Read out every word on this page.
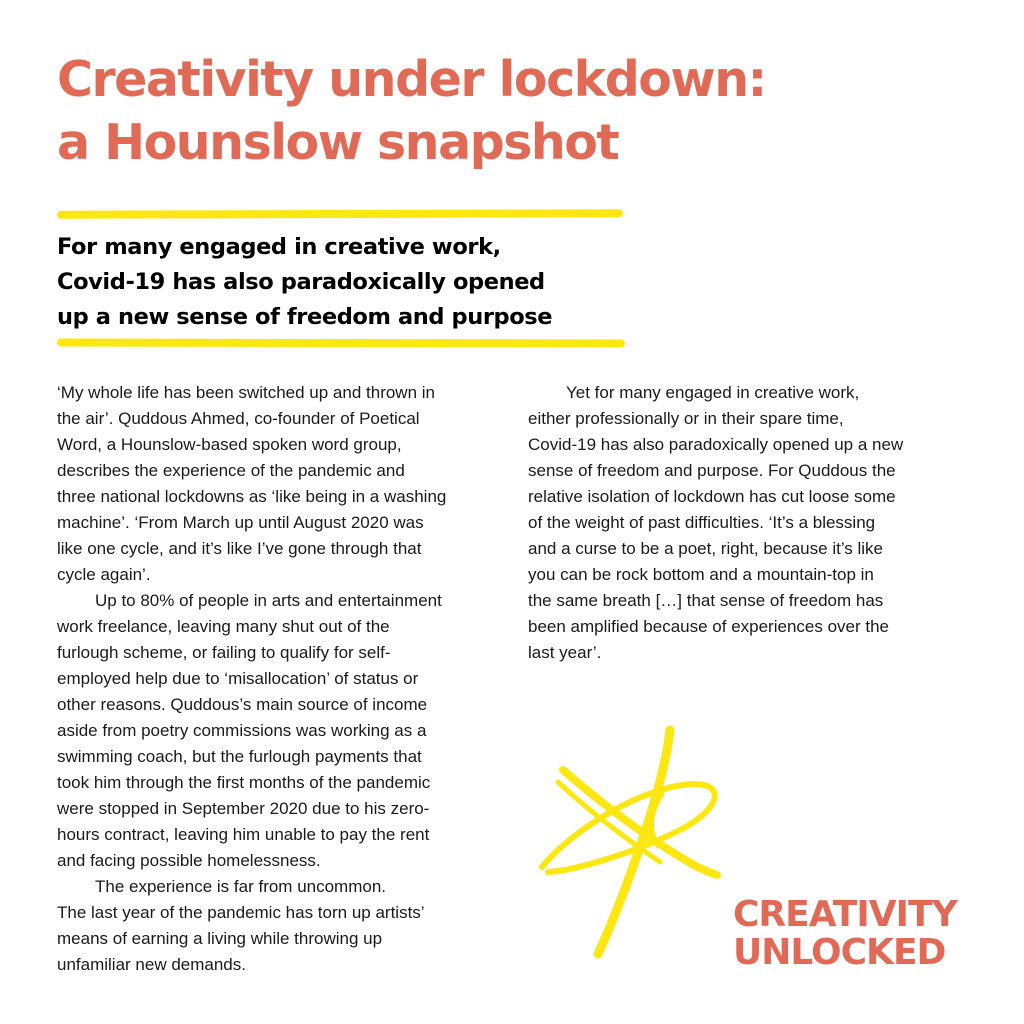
Creativity under lockdown:
a Hounslow snapshot
For many engaged in creative work,
Covid-19 has also paradoxically opened
up a new sense of freedom and purpose
‘My whole life has been switched up and thrown in
the air’. Quddous Ahmed, co-founder of Poetical
Word, a Hounslow-based spoken word group,
describes the experience of the pandemic and
three national lockdowns as ‘like being in a washing
machine’. ‘From March up until August 2020 was
like one cycle, and it’s like I’ve gone through that
cycle again’.
Up to 80% of people in arts and entertainment
work freelance, leaving many shut out of the
furlough scheme, or failing to qualify for self-
employed help due to ‘misallocation’ of status or
other reasons. Quddous’s main source of income
aside from poetry commissions was working as a
swimming coach, but the furlough payments that
took him through the first months of the pandemic
were stopped in September 2020 due to his zero-
hours contract, leaving him unable to pay the rent
and facing possible homelessness.
The experience is far from uncommon.
The last year of the pandemic has torn up artists’
means of earning a living while throwing up
unfamiliar new demands.
Yet for many engaged in creative work,
either professionally or in their spare time,
Covid-19 has also paradoxically opened up a new
sense of freedom and purpose. For Quddous the
relative isolation of lockdown has cut loose some
of the weight of past difficulties. ‘It’s a blessing
and a curse to be a poet, right, because it’s like
you can be rock bottom and a mountain-top in
the same breath […] that sense of freedom has
been amplified because of experiences over the
last year’.
CREATIVITY
UNLOCKED
